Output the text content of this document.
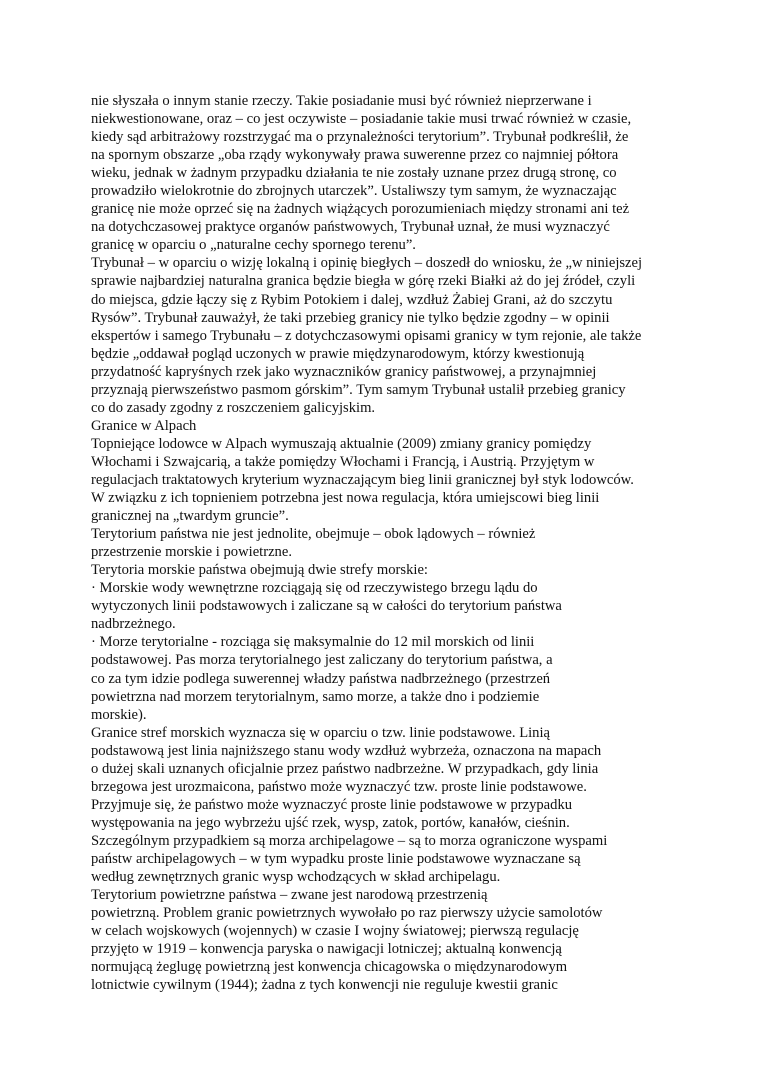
nie słyszała o innym stanie rzeczy. Takie posiadanie musi być również nieprzerwane i
niekwestionowane, oraz – co jest oczywiste – posiadanie takie musi trwać również w czasie,
kiedy sąd arbitrażowy rozstrzygać ma o przynależności terytorium”. Trybunał podkreślił, że
na spornym obszarze „oba rządy wykonywały prawa suwerenne przez co najmniej półtora
wieku, jednak w żadnym przypadku działania te nie zostały uznane przez drugą stronę, co
prowadziło wielokrotnie do zbrojnych utarczek”. Ustaliwszy tym samym, że wyznaczając
granicę nie może oprzeć się na żadnych wiążących porozumieniach między stronami ani też
na dotychczasowej praktyce organów państwowych, Trybunał uznał, że musi wyznaczyć
granicę w oparciu o „naturalne cechy spornego terenu”.
Trybunał – w oparciu o wizję lokalną i opinię biegłych – doszedł do wniosku, że „w niniejszej
sprawie najbardziej naturalna granica będzie biegła w górę rzeki Białki aż do jej źródeł, czyli
do miejsca, gdzie łączy się z Rybim Potokiem i dalej, wzdłuż Żabiej Grani, aż do szczytu
Rysów”. Trybunał zauważył, że taki przebieg granicy nie tylko będzie zgodny – w opinii
ekspertów i samego Trybunału – z dotychczasowymi opisami granicy w tym rejonie, ale także
będzie „oddawał pogląd uczonych w prawie międzynarodowym, którzy kwestionują
przydatność kapryśnych rzek jako wyznaczników granicy państwowej, a przynajmniej
przyznają pierwszeństwo pasmom górskim”. Tym samym Trybunał ustalił przebieg granicy
co do zasady zgodny z roszczeniem galicyjskim.
Granice w Alpach
Topniejące lodowce w Alpach wymuszają aktualnie (2009) zmiany granicy pomiędzy
Włochami i Szwajcarią, a także pomiędzy Włochami i Francją, i Austrią. Przyjętym w
regulacjach traktatowych kryterium wyznaczającym bieg linii granicznej był styk lodowców.
W związku z ich topnieniem potrzebna jest nowa regulacja, która umiejscowi bieg linii
granicznej na „twardym gruncie”.
Terytorium państwa nie jest jednolite, obejmuje – obok lądowych – również
przestrzenie morskie i powietrzne.
Terytoria morskie państwa obejmują dwie strefy morskie:
· Morskie wody wewnętrzne rozciągają się od rzeczywistego brzegu lądu do
wytyczonych linii podstawowych i zaliczane są w całości do terytorium państwa
nadbrzeżnego.
· Morze terytorialne - rozciąga się maksymalnie do 12 mil morskich od linii
podstawowej. Pas morza terytorialnego jest zaliczany do terytorium państwa, a
co za tym idzie podlega suwerennej władzy państwa nadbrzeżnego (przestrzeń
powietrzna nad morzem terytorialnym, samo morze, a także dno i podziemie
morskie).
Granice stref morskich wyznacza się w oparciu o tzw. linie podstawowe. Linią
podstawową jest linia najniższego stanu wody wzdłuż wybrzeża, oznaczona na mapach
o dużej skali uznanych oficjalnie przez państwo nadbrzeżne. W przypadkach, gdy linia
brzegowa jest urozmaicona, państwo może wyznaczyć tzw. proste linie podstawowe.
Przyjmuje się, że państwo może wyznaczyć proste linie podstawowe w przypadku
występowania na jego wybrzeżu ujść rzek, wysp, zatok, portów, kanałów, cieśnin.
Szczególnym przypadkiem są morza archipelagowe – są to morza ograniczone wyspami
państw archipelagowych – w tym wypadku proste linie podstawowe wyznaczane są
według zewnętrznych granic wysp wchodzących w skład archipelagu.
Terytorium powietrzne państwa – zwane jest narodową przestrzenią
powietrzną. Problem granic powietrznych wywołało po raz pierwszy użycie samolotów
w celach wojskowych (wojennych) w czasie I wojny światowej; pierwszą regulację
przyjęto w 1919 – konwencja paryska o nawigacji lotniczej; aktualną konwencją
normującą żeglugę powietrzną jest konwencja chicagowska o międzynarodowym
lotnictwie cywilnym (1944); żadna z tych konwencji nie reguluje kwestii granic
